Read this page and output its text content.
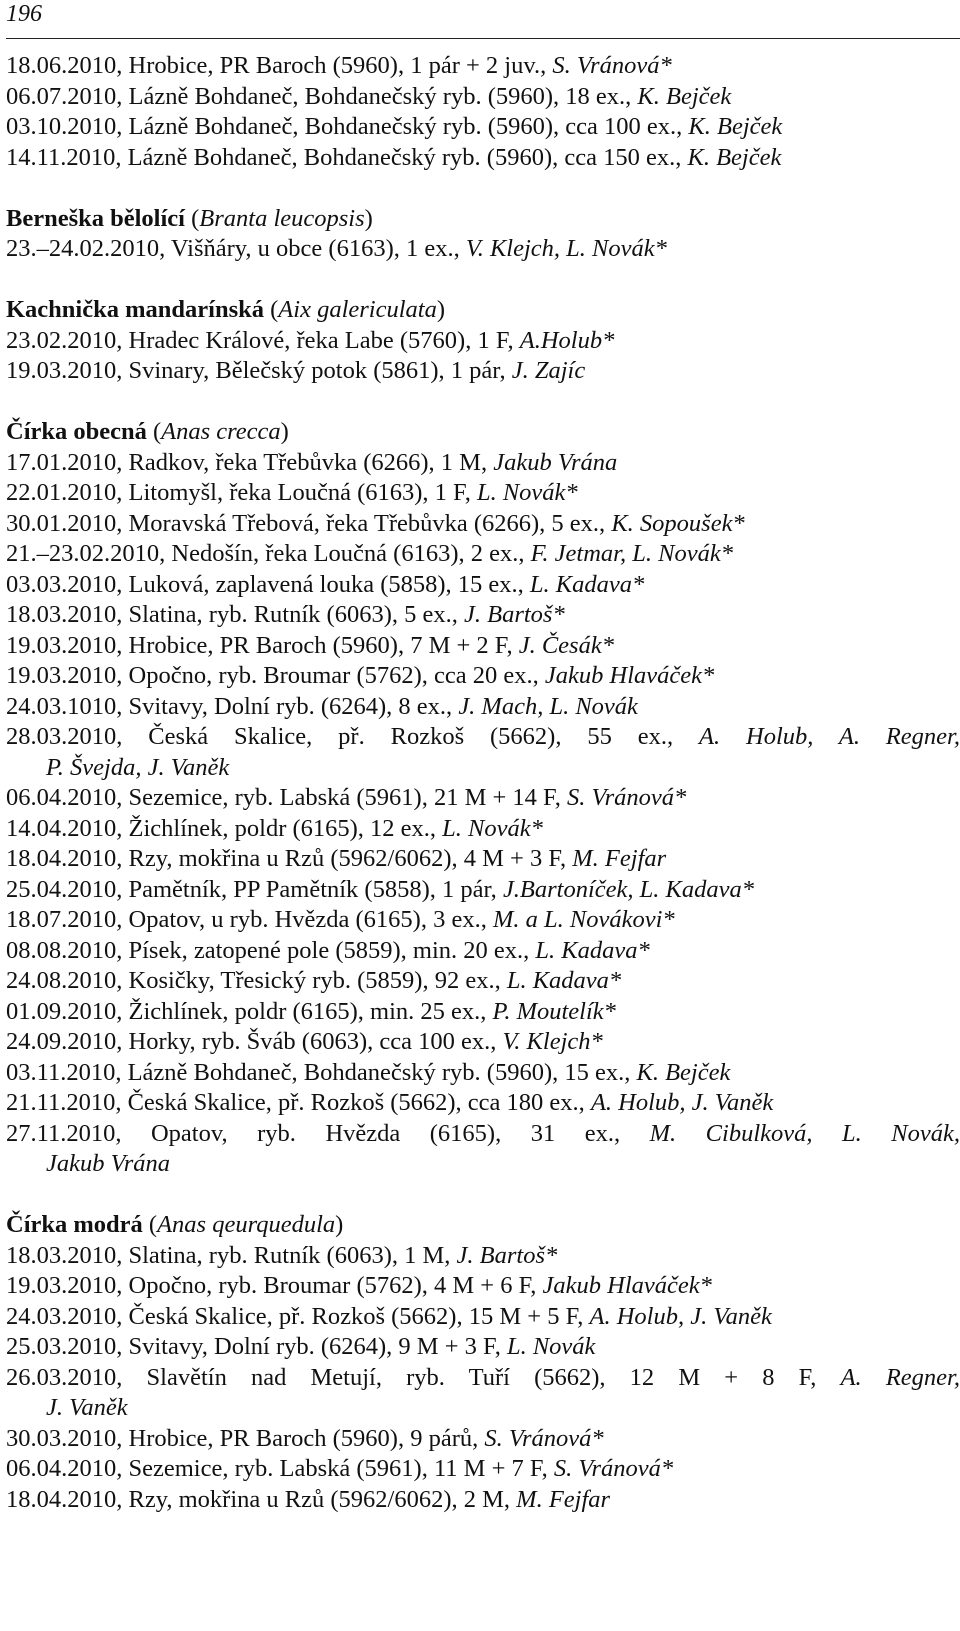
196
18.06.2010, Hrobice, PR Baroch (5960), 1 pár + 2 juv., S. Vránová*
06.07.2010, Lázně Bohdaneč, Bohdanečský ryb. (5960), 18 ex., K. Bejček
03.10.2010, Lázně Bohdaneč, Bohdanečský ryb. (5960), cca 100 ex., K. Bejček
14.11.2010, Lázně Bohdaneč, Bohdanečský ryb. (5960), cca 150 ex., K. Bejček
Berneška bělolící (Branta leucopsis)
23.–24.02.2010, Višňáry, u obce (6163), 1 ex., V. Klejch, L. Novák*
Kachnička mandarínská (Aix galericulata)
23.02.2010, Hradec Králové, řeka Labe (5760), 1 F, A.Holub*
19.03.2010, Svinary, Bělečský potok (5861), 1 pár, J. Zajíc
Čírka obecná (Anas crecca)
17.01.2010, Radkov, řeka Třebůvka (6266), 1 M, Jakub Vrána
22.01.2010, Litomyšl, řeka Loučná (6163), 1 F, L. Novák*
30.01.2010, Moravská Třebová, řeka Třebůvka (6266), 5 ex., K. Sopoušek*
21.–23.02.2010, Nedošín, řeka Loučná (6163), 2 ex., F. Jetmar, L. Novák*
03.03.2010, Luková, zaplavená louka (5858), 15 ex., L. Kadava*
18.03.2010, Slatina, ryb. Rutník (6063), 5 ex., J. Bartoš*
19.03.2010, Hrobice, PR Baroch (5960), 7 M + 2 F, J. Česák*
19.03.2010, Opočno, ryb. Broumar (5762), cca 20 ex., Jakub Hlaváček*
24.03.1010, Svitavy, Dolní ryb. (6264), 8 ex., J. Mach, L. Novák
28.03.2010, Česká Skalice, př. Rozkoš (5662), 55 ex., A. Holub, A. Regner,
P. Švejda, J. Vaněk
06.04.2010, Sezemice, ryb. Labská (5961), 21 M + 14 F, S. Vránová*
14.04.2010, Žichlínek, poldr (6165), 12 ex., L. Novák*
18.04.2010, Rzy, mokřina u Rzů (5962/6062), 4 M + 3 F, M. Fejfar
25.04.2010, Pamětník, PP Pamětník (5858), 1 pár, J.Bartoníček, L. Kadava*
18.07.2010, Opatov, u ryb. Hvězda (6165), 3 ex., M. a L. Novákovi*
08.08.2010, Písek, zatopené pole (5859), min. 20 ex., L. Kadava*
24.08.2010, Kosičky, Třesický ryb. (5859), 92 ex., L. Kadava*
01.09.2010, Žichlínek, poldr (6165), min. 25 ex., P. Moutelík*
24.09.2010, Horky, ryb. Šváb (6063), cca 100 ex., V. Klejch*
03.11.2010, Lázně Bohdaneč, Bohdanečský ryb. (5960), 15 ex., K. Bejček
21.11.2010, Česká Skalice, př. Rozkoš (5662), cca 180 ex., A. Holub, J. Vaněk
27.11.2010, Opatov, ryb. Hvězda (6165), 31 ex., M. Cibulková, L. Novák,
Jakub Vrána
Čírka modrá (Anas qeurquedula)
18.03.2010, Slatina, ryb. Rutník (6063), 1 M, J. Bartoš*
19.03.2010, Opočno, ryb. Broumar (5762), 4 M + 6 F, Jakub Hlaváček*
24.03.2010, Česká Skalice, př. Rozkoš (5662), 15 M + 5 F, A. Holub, J. Vaněk
25.03.2010, Svitavy, Dolní ryb. (6264), 9 M + 3 F, L. Novák
26.03.2010, Slavětín nad Metují, ryb. Tuří (5662), 12 M + 8 F, A. Regner,
J. Vaněk
30.03.2010, Hrobice, PR Baroch (5960), 9 párů, S. Vránová*
06.04.2010, Sezemice, ryb. Labská (5961), 11 M + 7 F, S. Vránová*
18.04.2010, Rzy, mokřina u Rzů (5962/6062), 2 M, M. Fejfar
